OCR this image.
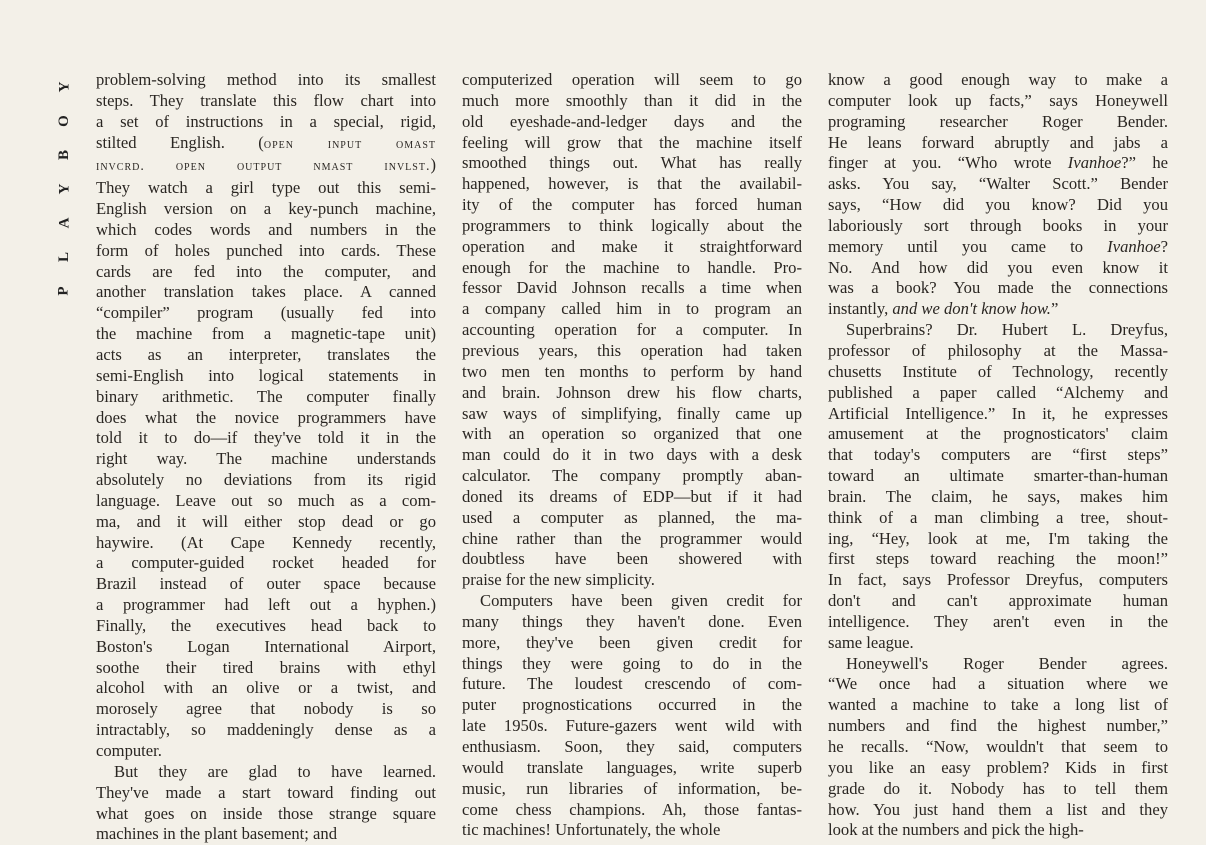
Y
O
B
Y
A
L
P
problem-solving method into its smallest
steps. They translate this flow chart into
a set of instructions in a special, rigid,
stilted English. (open input omast
invcrd. open output nmast invlst.)
They watch a girl type out this semi-
English version on a key-punch machine,
which codes words and numbers in the
form of holes punched into cards. These
cards are fed into the computer, and
another translation takes place. A canned
“compiler” program (usually fed into
the machine from a magnetic-tape unit)
acts as an interpreter, translates the
semi-English into logical statements in
binary arithmetic. The computer finally
does what the novice programmers have
told it to do—if they've told it in the
right way. The machine understands
absolutely no deviations from its rigid
language. Leave out so much as a com-
ma, and it will either stop dead or go
haywire. (At Cape Kennedy recently,
a computer-guided rocket headed for
Brazil instead of outer space because
a programmer had left out a hyphen.)
Finally, the executives head back to
Boston's Logan International Airport,
soothe their tired brains with ethyl
alcohol with an olive or a twist, and
morosely agree that nobody is so
intractably, so maddeningly dense as a
computer.
But they are glad to have learned.
They've made a start toward finding out
what goes on inside those strange square
machines in the plant basement; and
computerized operation will seem to go
much more smoothly than it did in the
old eyeshade-and-ledger days and the
feeling will grow that the machine itself
smoothed things out. What has really
happened, however, is that the availabil-
ity of the computer has forced human
programmers to think logically about the
operation and make it straightforward
enough for the machine to handle. Pro-
fessor David Johnson recalls a time when
a company called him in to program an
accounting operation for a computer. In
previous years, this operation had taken
two men ten months to perform by hand
and brain. Johnson drew his flow charts,
saw ways of simplifying, finally came up
with an operation so organized that one
man could do it in two days with a desk
calculator. The company promptly aban-
doned its dreams of EDP—but if it had
used a computer as planned, the ma-
chine rather than the programmer would
doubtless have been showered with
praise for the new simplicity.
Computers have been given credit for
many things they haven't done. Even
more, they've been given credit for
things they were going to do in the
future. The loudest crescendo of com-
puter prognostications occurred in the
late 1950s. Future-gazers went wild with
enthusiasm. Soon, they said, computers
would translate languages, write superb
music, run libraries of information, be-
come chess champions. Ah, those fantas-
tic machines! Unfortunately, the whole
know a good enough way to make a
computer look up facts,” says Honeywell
programing researcher Roger Bender.
He leans forward abruptly and jabs a
finger at you. “Who wrote Ivanhoe?” he
asks. You say, “Walter Scott.” Bender
says, “How did you know? Did you
laboriously sort through books in your
memory until you came to Ivanhoe?
No. And how did you even know it
was a book? You made the connections
instantly, and we don't know how.”
Superbrains? Dr. Hubert L. Dreyfus,
professor of philosophy at the Massa-
chusetts Institute of Technology, recently
published a paper called “Alchemy and
Artificial Intelligence.” In it, he expresses
amusement at the prognosticators' claim
that today's computers are “first steps”
toward an ultimate smarter-than-human
brain. The claim, he says, makes him
think of a man climbing a tree, shout-
ing, “Hey, look at me, I'm taking the
first steps toward reaching the moon!”
In fact, says Professor Dreyfus, computers
don't and can't approximate human
intelligence. They aren't even in the
same league.
Honeywell's Roger Bender agrees.
“We once had a situation where we
wanted a machine to take a long list of
numbers and find the highest number,”
he recalls. “Now, wouldn't that seem to
you like an easy problem? Kids in first
grade do it. Nobody has to tell them
how. You just hand them a list and they
look at the numbers and pick the high-
